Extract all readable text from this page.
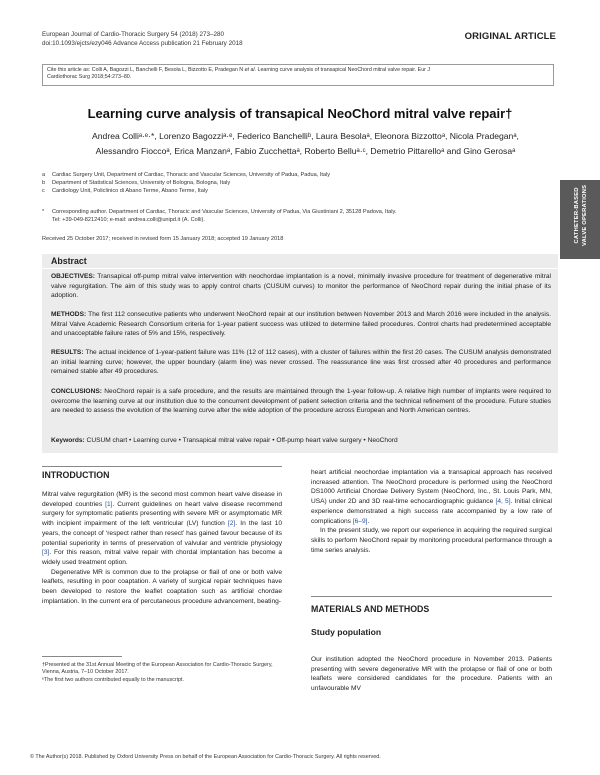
European Journal of Cardio-Thoracic Surgery 54 (2018) 273–280
doi:10.1093/ejcts/ezy046 Advance Access publication 21 February 2018
ORIGINAL ARTICLE
Cite this article as: Colli A, Bagozzi L, Banchelli F, Besola L, Bizzotto E, Pradegan N et al. Learning curve analysis of transapical NeoChord mitral valve repair. Eur J
Cardiothorac Surg 2018;54:273–80.
Learning curve analysis of transapical NeoChord mitral valve repair†
Andrea Colliᵃ·ᵉ·*, Lorenzo Bagozziᵃ·ᵉ, Federico Banchelliᵇ, Laura Besolaᵃ, Eleonora Bizzottoᵃ, Nicola Pradeganᵃ,
Alessandro Fioccoᵃ, Erica Manzanᵃ, Fabio Zucchettaᵃ, Roberto Belluᵃ·ᶜ, Demetrio Pittarelloᵃ and Gino Gerosaᵃ
a Cardiac Surgery Unit, Department of Cardiac, Thoracic and Vascular Sciences, University of Padua, Padua, Italy
b Department of Statistical Sciences, University of Bologna, Bologna, Italy
c Cardiology Unit, Policlinico di Abano Terme, Abano Terme, Italy
* Corresponding author. Department of Cardiac, Thoracic and Vascular Sciences, University of Padua, Via Giustiniani 2, 35128 Padova, Italy.
Tel: +39-049-8212410; e-mail: andrea.colli@unipd.it (A. Colli).
Received 25 October 2017; received in revised form 15 January 2018; accepted 19 January 2018	CATHETER-BASED VALVE OPERATIONS
Abstract
OBJECTIVES: Transapical off-pump mitral valve intervention with neochordae implantation is a novel, minimally invasive procedure for treatment of degenerative mitral valve regurgitation. The aim of this study was to apply control charts (CUSUM curves) to monitor the performance of NeoChord repair during the initial phase of its adoption.
METHODS: The first 112 consecutive patients who underwent NeoChord repair at our institution between November 2013 and March 2016 were included in the analysis. Mitral Valve Academic Research Consortium criteria for 1-year patient success was utilized to determine failed procedures. Control charts had predetermined acceptable and unacceptable failure rates of 5% and 15%, respectively.
RESULTS: The actual incidence of 1-year-patient failure was 11% (12 of 112 cases), with a cluster of failures within the first 20 cases. The CUSUM analysis demonstrated an initial learning curve; however, the upper boundary (alarm line) was never crossed. The reassurance line was first crossed after 40 procedures and performance remained stable after 49 procedures.
CONCLUSIONS: NeoChord repair is a safe procedure, and the results are maintained through the 1-year follow-up. A relative high number of implants were required to overcome the learning curve at our institution due to the concurrent development of patient selection criteria and the technical refinement of the procedure. Future studies are needed to assess the evolution of the learning curve after the wide adoption of the procedure across European and North American centres.
Keywords: CUSUM chart • Learning curve • Transapical mitral valve repair • Off-pump heart valve surgery • NeoChord
INTRODUCTION

Mitral valve regurgitation (MR) is the second most common heart valve disease in developed countries [1]. Current guidelines on heart valve disease recommend surgery for symptomatic patients presenting with severe MR or asymptomatic MR with incipient impairment of the left ventricular (LV) function [2]. In the last 10 years, the concept of ‘respect rather than resect’ has gained favour because of its potential superiority in terms of preservation of valvular and ventricle physiology [3]. For this reason, mitral valve repair with chordal implantation has become a widely used treatment option.

Degenerative MR is common due to the prolapse or flail of one or both valve leaflets, resulting in poor coaptation. A variety of surgical repair techniques have been developed to restore the leaflet coaptation such as artificial chordae implantation. In the current era of percutaneous procedure advancement, beating-

heart artificial neochordae implantation via a transapical approach has received increased attention. The NeoChord procedure is performed using the NeoChord DS1000 Artificial Chordae Delivery System (NeoChord, Inc., St. Louis Park, MN, USA) under 2D and 3D real-time echocardiographic guidance [4, 5]. Initial clinical experience demonstrated a high success rate accompanied by a low rate of complications [6–9].

In the present study, we report our experience in acquiring the required surgical skills to perform NeoChord repair by monitoring procedural performance through a time series analysis.

MATERIALS AND METHODS
Study population
Our institution adopted the NeoChord procedure in November 2013. Patients presenting with severe degenerative MR with the prolapse or flail of one or both leaflets were considered candidates for the procedure. Patients with an unfavourable MV
†Presented at the 31st Annual Meeting of the European Association for Cardio-Thoracic Surgery, Vienna, Austria, 7–10 October 2017.
ᵉThe first two authors contributed equally to the manuscript.
© The Author(s) 2018. Published by Oxford University Press on behalf of the European Association for Cardio-Thoracic Surgery. All rights reserved.
